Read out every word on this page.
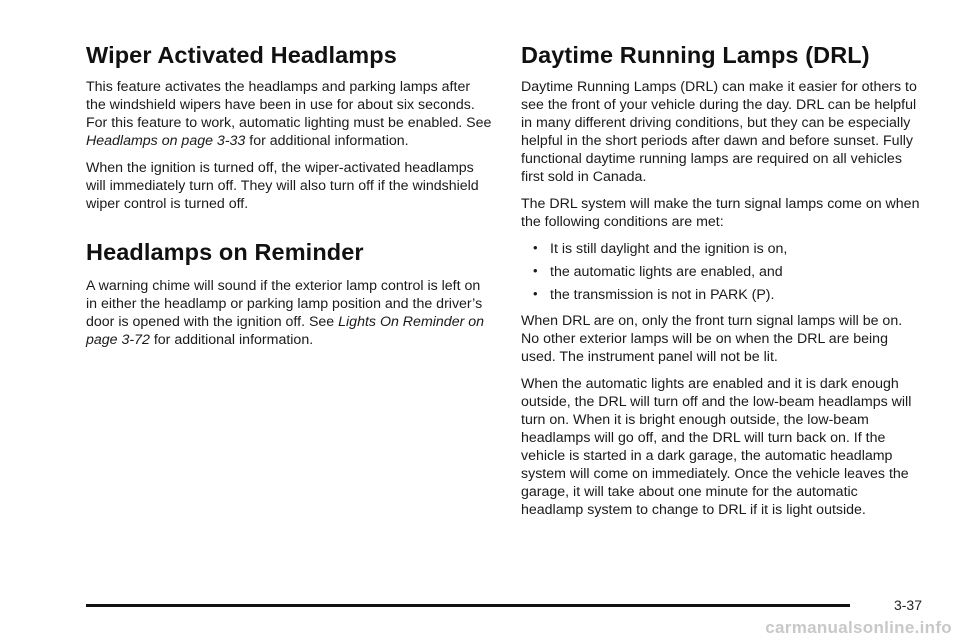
Wiper Activated Headlamps

This feature activates the headlamps and parking lamps after the windshield wipers have been in use for about six seconds. For this feature to work, automatic lighting must be enabled. See Headlamps on page 3-33 for additional information.

When the ignition is turned off, the wiper-activated headlamps will immediately turn off. They will also turn off if the windshield wiper control is turned off.

Headlamps on Reminder

A warning chime will sound if the exterior lamp control is left on in either the headlamp or parking lamp position and the driver’s door is opened with the ignition off. See Lights On Reminder on page 3-72 for additional information.

Daytime Running Lamps (DRL)

Daytime Running Lamps (DRL) can make it easier for others to see the front of your vehicle during the day. DRL can be helpful in many different driving conditions, but they can be especially helpful in the short periods after dawn and before sunset. Fully functional daytime running lamps are required on all vehicles first sold in Canada.

The DRL system will make the turn signal lamps come on when the following conditions are met:

• It is still daylight and the ignition is on,
• the automatic lights are enabled, and
• the transmission is not in PARK (P).

When DRL are on, only the front turn signal lamps will be on. No other exterior lamps will be on when the DRL are being used. The instrument panel will not be lit.

When the automatic lights are enabled and it is dark enough outside, the DRL will turn off and the low-beam headlamps will turn on. When it is bright enough outside, the low-beam headlamps will go off, and the DRL will turn back on. If the vehicle is started in a dark garage, the automatic headlamp system will come on immediately. Once the vehicle leaves the garage, it will take about one minute for the automatic headlamp system to change to DRL if it is light outside.

3-37
carmanualsonline.info
